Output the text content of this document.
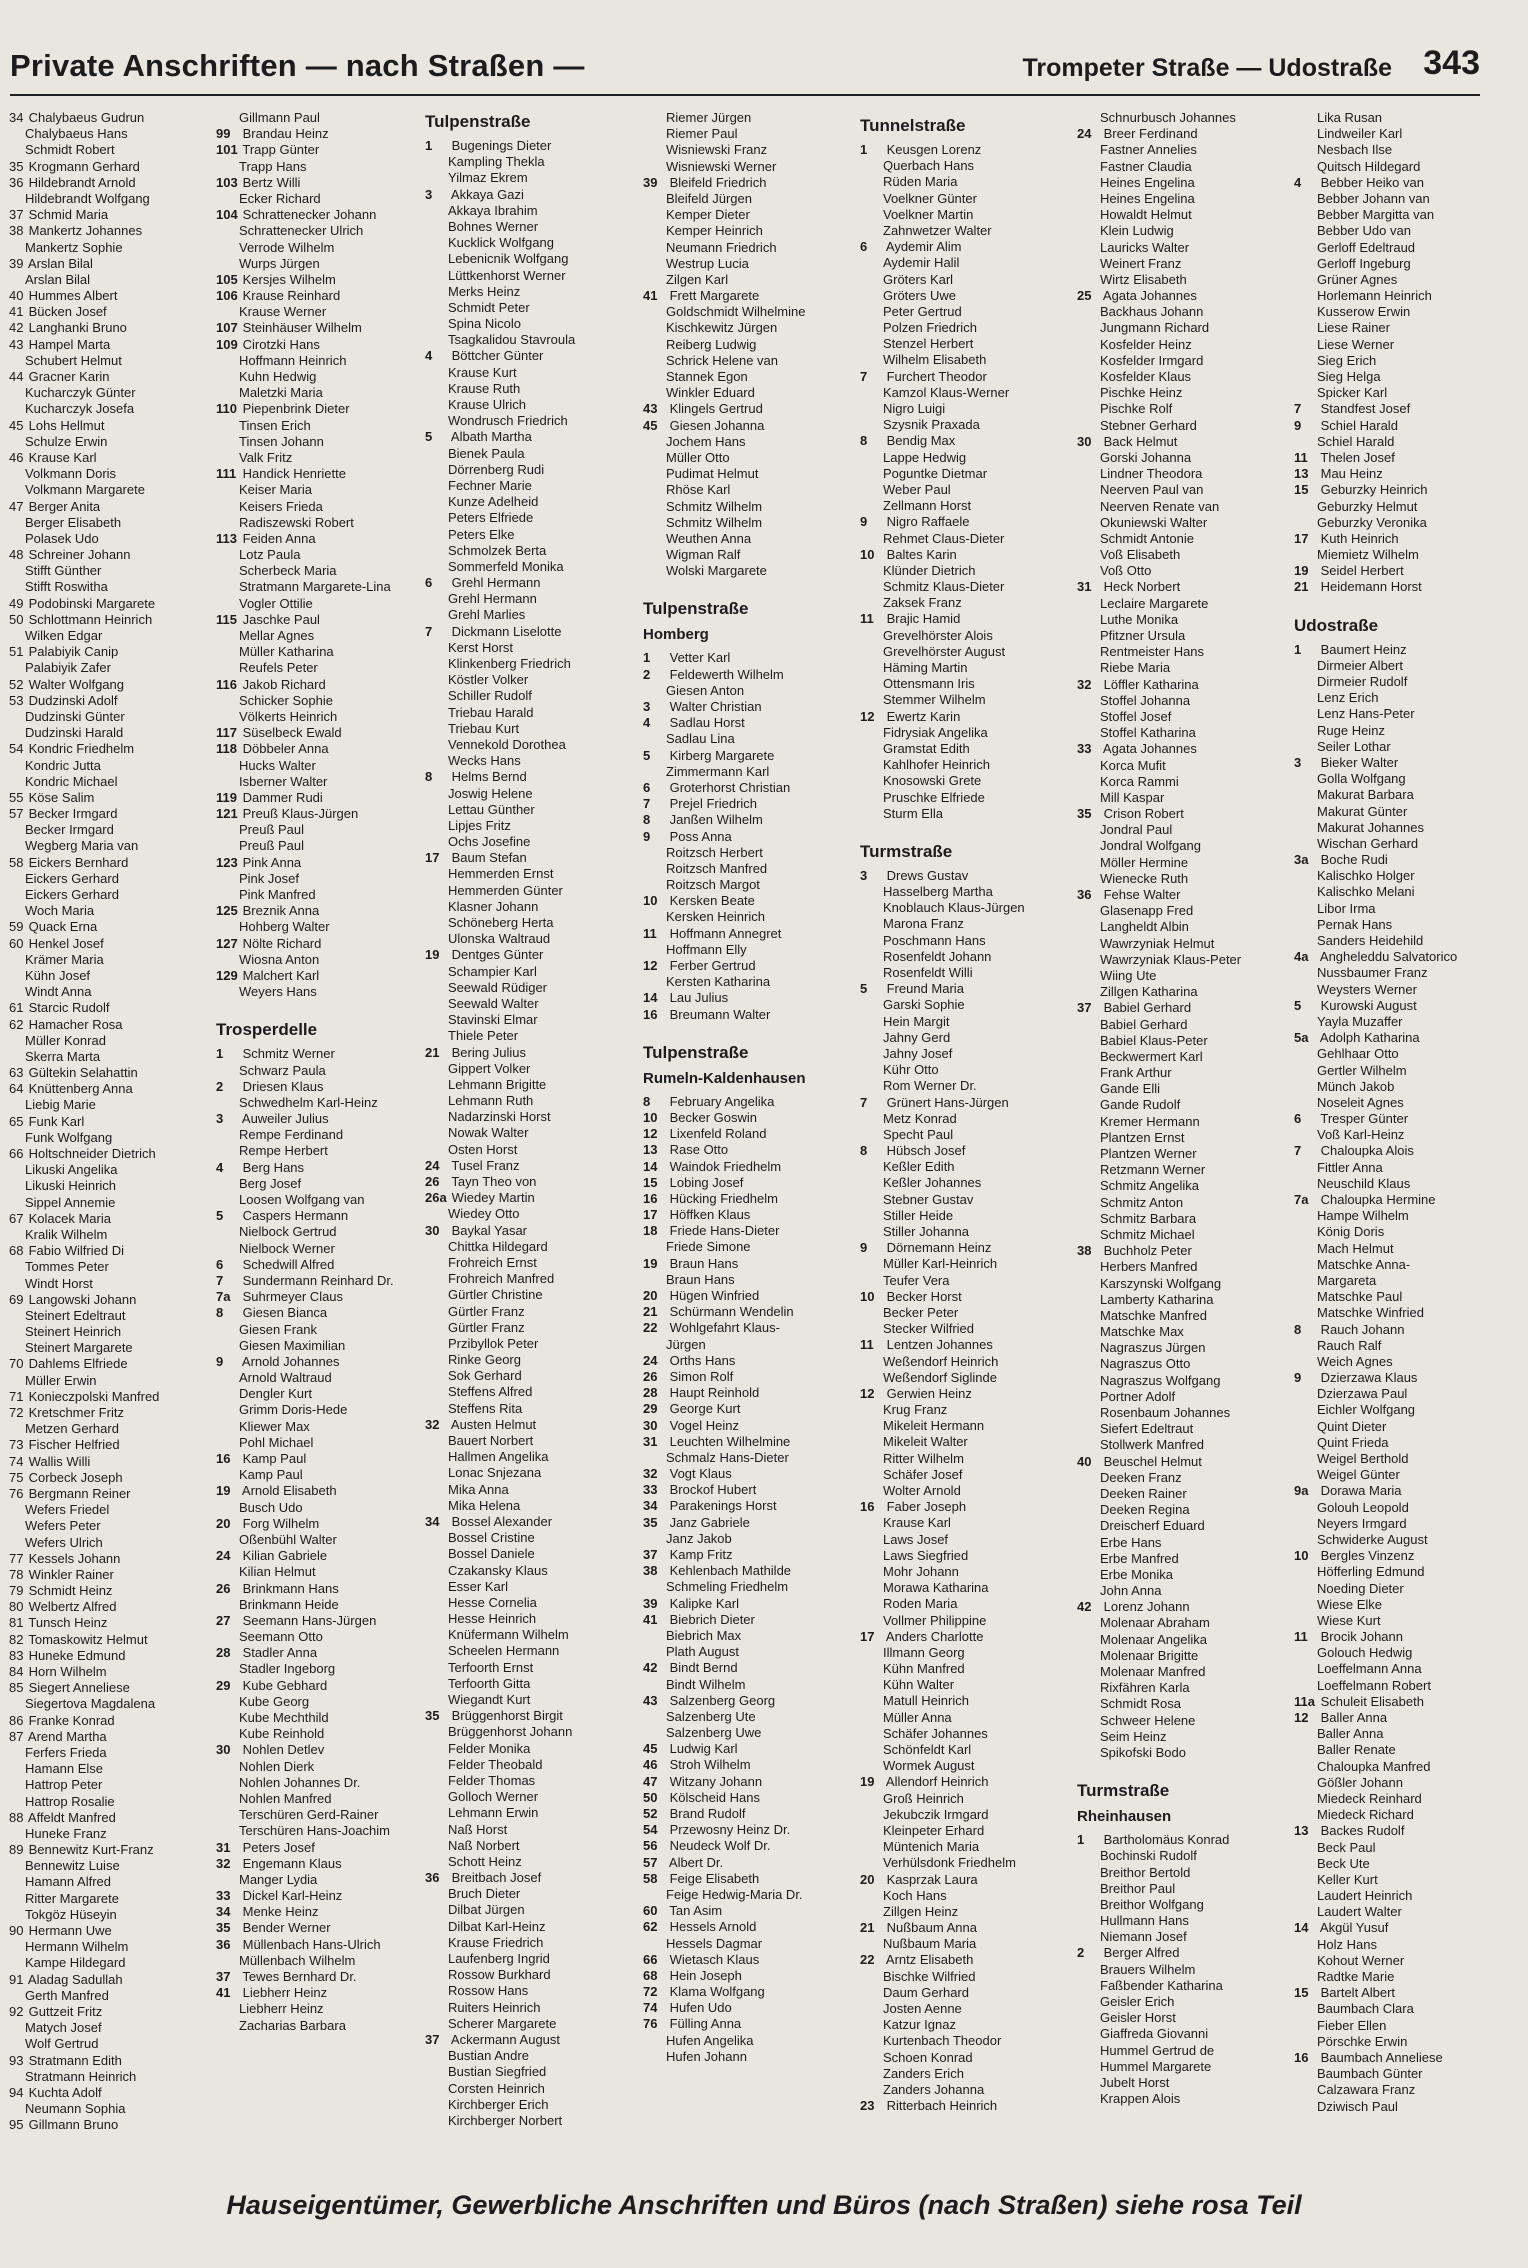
Private Anschriften — nach Straßen —	Trompeter Straße — Udostraße 343
34 Chalybaeus Gudrun
Chalybaeus Hans
Schmidt Robert
35 Krogmann Gerhard
36 Hildebrandt Arnold
Hildebrandt Wolfgang
37 Schmid Maria
38 Mankertz Johannes
Mankertz Sophie
39 Arslan Bilal
Arslan Bilal
40 Hummes Albert
41 Bücken Josef
42 Langhanki Bruno
43 Hampel Marta
Schubert Helmut
44 Gracner Karin
Kucharczyk Günter
Kucharczyk Josefa
45 Lohs Hellmut
Schulze Erwin
46 Krause Karl
Volkmann Doris
Volkmann Margarete
47 Berger Anita
Berger Elisabeth
Polasek Udo
48 Schreiner Johann
Stifft Günther
Stifft Roswitha
49 Podobinski Margarete
50 Schlottmann Heinrich
Wilken Edgar
51 Palabiyik Canip
Palabiyik Zafer
52 Walter Wolfgang
53 Dudzinski Adolf
Dudzinski Günter
Dudzinski Harald
54 Kondric Friedhelm
Kondric Jutta
Kondric Michael
55 Köse Salim
57 Becker Irmgard
Becker Irmgard
Wegberg Maria van
58 Eickers Bernhard
Eickers Gerhard
Eickers Gerhard
Woch Maria
59 Quack Erna
60 Henkel Josef
Krämer Maria
Kühn Josef
Windt Anna
61 Starcic Rudolf
62 Hamacher Rosa
Müller Konrad
Skerra Marta
63 Gültekin Selahattin
64 Knüttenberg Anna
Liebig Marie
65 Funk Karl
Funk Wolfgang
66 Holtschneider Dietrich
Likuski Angelika
Likuski Heinrich
Sippel Annemie
67 Kolacek Maria
Kralik Wilhelm
68 Fabio Wilfried Di
Tommes Peter
Windt Horst
69 Langowski Johann
Steinert Edeltraut
Steinert Heinrich
Steinert Margarete
70 Dahlems Elfriede
Müller Erwin
71 Konieczpolski Manfred
72 Kretschmer Fritz
Metzen Gerhard
73 Fischer Helfried
74 Wallis Willi
75 Corbeck Joseph
76 Bergmann Reiner
Wefers Friedel
Wefers Peter
Wefers Ulrich
77 Kessels Johann
78 Winkler Rainer
79 Schmidt Heinz
80 Welbertz Alfred
81 Tunsch Heinz
82 Tomaskowitz Helmut
83 Huneke Edmund
84 Horn Wilhelm
85 Siegert Anneliese
Siegertova Magdalena
86 Franke Konrad
87 Arend Martha
Ferfers Frieda
Hamann Else
Hattrop Peter
Hattrop Rosalie
88 Affeldt Manfred
Huneke Franz
89 Bennewitz Kurt-Franz
Bennewitz Luise
Hamann Alfred
Ritter Margarete
Tokgöz Hüseyin
90 Hermann Uwe
Hermann Wilhelm
Kampe Hildegard
91 Aladag Sadullah
Gerth Manfred
92 Guttzeit Fritz
Matych Josef
Wolf Gertrud
93 Stratmann Edith
Stratmann Heinrich
94 Kuchta Adolf
Neumann Sophia
95 Gillmann Bruno
Gillmann Paul
99 Brandau Heinz
101 Trapp Günter
Trapp Hans
103 Bertz Willi
Ecker Richard
104 Schrattenecker Johann
Schrattenecker Ulrich
Verrode Wilhelm
Wurps Jürgen
105 Kersjes Wilhelm
106 Krause Reinhard
Krause Werner
107 Steinhäuser Wilhelm
109 Cirotzki Hans
Hoffmann Heinrich
Kuhn Hedwig
Maletzki Maria
110 Piepenbrink Dieter
Tinsen Erich
Tinsen Johann
Valk Fritz
111 Handick Henriette
Keiser Maria
Keisers Frieda
Radiszewski Robert
113 Feiden Anna
Lotz Paula
Scherbeck Maria
Stratmann Margarete-Lina
Vogler Ottilie
115 Jaschke Paul
Mellar Agnes
Müller Katharina
Reufels Peter
116 Jakob Richard
Schicker Sophie
Völkerts Heinrich
117 Süselbeck Ewald
118 Döbbeler Anna
Hucks Walter
Isberner Walter
119 Dammer Rudi
121 Preuß Klaus-Jürgen
Preuß Paul
Preuß Paul
123 Pink Anna
Pink Josef
Pink Manfred
125 Breznik Anna
Hohberg Walter
127 Nölte Richard
Wiosna Anton
129 Malchert Karl
Weyers Hans
Trosperdelle
1 Schmitz Werner
Schwarz Paula
2 Driesen Klaus
Schwedhelm Karl-Heinz
3 Auweiler Julius
Rempe Ferdinand
Rempe Herbert
4 Berg Hans
Berg Josef
Loosen Wolfgang van
5 Caspers Hermann
Nielbock Gertrud
Nielbock Werner
6 Schedwill Alfred
7 Sundermann Reinhard Dr.
7a Suhrmeyer Claus
8 Giesen Bianca
Giesen Frank
Giesen Maximilian
9 Arnold Johannes
Arnold Waltraud
Dengler Kurt
Grimm Doris-Hede
Kliewer Max
Pohl Michael
16 Kamp Paul
Kamp Paul
19 Arnold Elisabeth
Busch Udo
20 Forg Wilhelm
Oßenbühl Walter
24 Kilian Gabriele
Kilian Helmut
26 Brinkmann Hans
Brinkmann Heide
27 Seemann Hans-Jürgen
Seemann Otto
28 Stadler Anna
Stadler Ingeborg
29 Kube Gebhard
Kube Georg
Kube Mechthild
Kube Reinhold
30 Nohlen Detlev
Nohlen Dierk
Nohlen Johannes Dr.
Nohlen Manfred
Terschüren Gerd-Rainer
Terschüren Hans-Joachim
31 Peters Josef
32 Engemann Klaus
Manger Lydia
33 Dickel Karl-Heinz
34 Menke Heinz
35 Bender Werner
36 Müllenbach Hans-Ulrich
Müllenbach Wilhelm
37 Tewes Bernhard Dr.
41 Liebherr Heinz
Liebherr Heinz
Zacharias Barbara
Tulpenstraße
1 Bugenings Dieter
Kampling Thekla
Yilmaz Ekrem
3 Akkaya Gazi
Akkaya Ibrahim
Bohnes Werner
Kucklick Wolfgang
Lebenicnik Wolfgang
Lüttkenhorst Werner
Merks Heinz
Schmidt Peter
Spina Nicolo
Tsagkalidou Stavroula
4 Böttcher Günter
Krause Kurt
Krause Ruth
Krause Ulrich
Wondrusch Friedrich
5 Albath Martha
Bienek Paula
Dörrenberg Rudi
Fechner Marie
Kunze Adelheid
Peters Elfriede
Peters Elke
Schmolzek Berta
Sommerfeld Monika
6 Grehl Hermann
Grehl Hermann
Grehl Marlies
7 Dickmann Liselotte
Kerst Horst
Klinkenberg Friedrich
Köstler Volker
Schiller Rudolf
Triebau Harald
Triebau Kurt
Vennekold Dorothea
Wecks Hans
8 Helms Bernd
Joswig Helene
Lettau Günther
Lipjes Fritz
Ochs Josefine
17 Baum Stefan
Hemmerden Ernst
Hemmerden Günter
Klasner Johann
Schöneberg Herta
Ulonska Waltraud
19 Dentges Günter
Schampier Karl
Seewald Rüdiger
Seewald Walter
Stavinski Elmar
Thiele Peter
21 Bering Julius
Gippert Volker
Lehmann Brigitte
Lehmann Ruth
Nadarzinski Horst
Nowak Walter
Osten Horst
24 Tusel Franz
26 Tayn Theo von
26a Wiedey Martin
Wiedey Otto
30 Baykal Yasar
Chittka Hildegard
Frohreich Ernst
Frohreich Manfred
Gürtler Christine
Gürtler Franz
Gürtler Franz
Przibyllok Peter
Rinke Georg
Sok Gerhard
Steffens Alfred
Steffens Rita
32 Austen Helmut
Bauert Norbert
Hallmen Angelika
Lonac Snjezana
Mika Anna
Mika Helena
34 Bossel Alexander
Bossel Cristine
Bossel Daniele
Czakansky Klaus
Esser Karl
Hesse Cornelia
Hesse Heinrich
Knüfermann Wilhelm
Scheelen Hermann
Terfoorth Ernst
Terfoorth Gitta
Wiegandt Kurt
35 Brüggenhorst Birgit
Brüggenhorst Johann
Felder Monika
Felder Theobald
Felder Thomas
Golloch Werner
Lehmann Erwin
Naß Horst
Naß Norbert
Schott Heinz
36 Breitbach Josef
Bruch Dieter
Dilbat Jürgen
Dilbat Karl-Heinz
Krause Friedrich
Laufenberg Ingrid
Rossow Burkhard
Rossow Hans
Ruiters Heinrich
Scherer Margarete
37 Ackermann August
Bustian Andre
Bustian Siegfried
Corsten Heinrich
Kirchberger Erich
Kirchberger Norbert
Riemer Jürgen
Riemer Paul
Wisniewski Franz
Wisniewski Werner
39 Bleifeld Friedrich
Bleifeld Jürgen
Kemper Dieter
Kemper Heinrich
Neumann Friedrich
Westrup Lucia
Zilgen Karl
41 Frett Margarete
Goldschmidt Wilhelmine
Kischkewitz Jürgen
Reiberg Ludwig
Schrick Helene van
Stannek Egon
Winkler Eduard
43 Klingels Gertrud
45 Giesen Johanna
Jochem Hans
Müller Otto
Pudimat Helmut
Rhöse Karl
Schmitz Wilhelm
Schmitz Wilhelm
Weuthen Anna
Wigman Ralf
Wolski Margarete
Tulpenstraße
Homberg
1 Vetter Karl
2 Feldewerth Wilhelm
Giesen Anton
3 Walter Christian
4 Sadlau Horst
Sadlau Lina
5 Kirberg Margarete
Zimmermann Karl
6 Groterhorst Christian
7 Prejel Friedrich
8 Janßen Wilhelm
9 Poss Anna
Roitzsch Herbert
Roitzsch Manfred
Roitzsch Margot
10 Kersken Beate
Kersken Heinrich
11 Hoffmann Annegret
Hoffmann Elly
12 Ferber Gertrud
Kersten Katharina
14 Lau Julius
16 Breumann Walter
Tulpenstraße
Rumeln-Kaldenhausen
8 February Angelika
10 Becker Goswin
12 Lixenfeld Roland
13 Rase Otto
14 Waindok Friedhelm
15 Lobing Josef
16 Hücking Friedhelm
17 Höffken Klaus
18 Friede Hans-Dieter
Friede Simone
19 Braun Hans
Braun Hans
20 Hügen Winfried
21 Schürmann Wendelin
22 Wohlgefahrt Klaus-
Jürgen
24 Orths Hans
26 Simon Rolf
28 Haupt Reinhold
29 George Kurt
30 Vogel Heinz
31 Leuchten Wilhelmine
Schmalz Hans-Dieter
32 Vogt Klaus
33 Brockof Hubert
34 Parakenings Horst
35 Janz Gabriele
Janz Jakob
37 Kamp Fritz
38 Kehlenbach Mathilde
Schmeling Friedhelm
39 Kalipke Karl
41 Biebrich Dieter
Biebrich Max
Plath August
42 Bindt Bernd
Bindt Wilhelm
43 Salzenberg Georg
Salzenberg Ute
Salzenberg Uwe
45 Ludwig Karl
46 Stroh Wilhelm
47 Witzany Johann
50 Kölscheid Hans
52 Brand Rudolf
54 Przewosny Heinz Dr.
56 Neudeck Wolf Dr.
57 Albert Dr.
58 Feige Elisabeth
Feige Hedwig-Maria Dr.
60 Tan Asim
62 Hessels Arnold
Hessels Dagmar
66 Wietasch Klaus
68 Hein Joseph
72 Klama Wolfgang
74 Hufen Udo
76 Fülling Anna
Hufen Angelika
Hufen Johann
Tunnelstraße
1 Keusgen Lorenz
Querbach Hans
Rüden Maria
Voelkner Günter
Voelkner Martin
Zahnwetzer Walter
6 Aydemir Alim
Aydemir Halil
Gröters Karl
Gröters Uwe
Peter Gertrud
Polzen Friedrich
Stenzel Herbert
Wilhelm Elisabeth
7 Furchert Theodor
Kamzol Klaus-Werner
Nigro Luigi
Szysnik Praxada
8 Bendig Max
Lappe Hedwig
Poguntke Dietmar
Weber Paul
Zellmann Horst
9 Nigro Raffaele
Rehmet Claus-Dieter
10 Baltes Karin
Klünder Dietrich
Schmitz Klaus-Dieter
Zaksek Franz
11 Brajic Hamid
Grevelhörster Alois
Grevelhörster August
Häming Martin
Ottensmann Iris
Stemmer Wilhelm
12 Ewertz Karin
Fidrysiak Angelika
Gramstat Edith
Kahlhofer Heinrich
Knosowski Grete
Pruschke Elfriede
Sturm Ella
Turmstraße
3 Drews Gustav
Hasselberg Martha
Knoblauch Klaus-Jürgen
Marona Franz
Poschmann Hans
Rosenfeldt Johann
Rosenfeldt Willi
5 Freund Maria
Garski Sophie
Hein Margit
Jahny Gerd
Jahny Josef
Kühr Otto
Rom Werner Dr.
7 Grünert Hans-Jürgen
Metz Konrad
Specht Paul
8 Hübsch Josef
Keßler Edith
Keßler Johannes
Stebner Gustav
Stiller Heide
Stiller Johanna
9 Dörnemann Heinz
Müller Karl-Heinrich
Teufer Vera
10 Becker Horst
Becker Peter
Stecker Wilfried
11 Lentzen Johannes
Weßendorf Heinrich
Weßendorf Siglinde
12 Gerwien Heinz
Krug Franz
Mikeleit Hermann
Mikeleit Walter
Ritter Wilhelm
Schäfer Josef
Wolter Arnold
16 Faber Joseph
Krause Karl
Laws Josef
Laws Siegfried
Mohr Johann
Morawa Katharina
Roden Maria
Vollmer Philippine
17 Anders Charlotte
Illmann Georg
Kühn Manfred
Kühn Walter
Matull Heinrich
Müller Anna
Schäfer Johannes
Schönfeldt Karl
Wormek August
19 Allendorf Heinrich
Groß Heinrich
Jekubczik Irmgard
Kleinpeter Erhard
Müntenich Maria
Verhülsdonk Friedhelm
20 Kasprzak Laura
Koch Hans
Zillgen Heinz
21 Nußbaum Anna
Nußbaum Maria
22 Arntz Elisabeth
Bischke Wilfried
Daum Gerhard
Josten Aenne
Katzur Ignaz
Kurtenbach Theodor
Schoen Konrad
Zanders Erich
Zanders Johanna
23 Ritterbach Heinrich
Schnurbusch Johannes
24 Breer Ferdinand
Fastner Annelies
Fastner Claudia
Heines Engelina
Heines Engelina
Howaldt Helmut
Klein Ludwig
Lauricks Walter
Weinert Franz
Wirtz Elisabeth
25 Agata Johannes
Backhaus Johann
Jungmann Richard
Kosfelder Heinz
Kosfelder Irmgard
Kosfelder Klaus
Pischke Heinz
Pischke Rolf
Stebner Gerhard
30 Back Helmut
Gorski Johanna
Lindner Theodora
Neerven Paul van
Neerven Renate van
Okuniewski Walter
Schmidt Antonie
Voß Elisabeth
Voß Otto
31 Heck Norbert
Leclaire Margarete
Luthe Monika
Pfitzner Ursula
Rentmeister Hans
Riebe Maria
32 Löffler Katharina
Stoffel Johanna
Stoffel Josef
Stoffel Katharina
33 Agata Johannes
Korca Mufit
Korca Rammi
Mill Kaspar
35 Crison Robert
Jondral Paul
Jondral Wolfgang
Möller Hermine
Wienecke Ruth
36 Fehse Walter
Glasenapp Fred
Langheldt Albin
Wawrzyniak Helmut
Wawrzyniak Klaus-Peter
Wiing Ute
Zillgen Katharina
37 Babiel Gerhard
Babiel Gerhard
Babiel Klaus-Peter
Beckwermert Karl
Frank Arthur
Gande Elli
Gande Rudolf
Kremer Hermann
Plantzen Ernst
Plantzen Werner
Retzmann Werner
Schmitz Angelika
Schmitz Anton
Schmitz Barbara
Schmitz Michael
38 Buchholz Peter
Herbers Manfred
Karszynski Wolfgang
Lamberty Katharina
Matschke Manfred
Matschke Max
Nagraszus Jürgen
Nagraszus Otto
Nagraszus Wolfgang
Portner Adolf
Rosenbaum Johannes
Siefert Edeltraut
Stollwerk Manfred
40 Beuschel Helmut
Deeken Franz
Deeken Rainer
Deeken Regina
Dreischerf Eduard
Erbe Hans
Erbe Manfred
Erbe Monika
John Anna
42 Lorenz Johann
Molenaar Abraham
Molenaar Angelika
Molenaar Brigitte
Molenaar Manfred
Rixfähren Karla
Schmidt Rosa
Schweer Helene
Seim Heinz
Spikofski Bodo
Turmstraße
Rheinhausen
1 Bartholomäus Konrad
Bochinski Rudolf
Breithor Bertold
Breithor Paul
Breithor Wolfgang
Hullmann Hans
Niemann Josef
2 Berger Alfred
Brauers Wilhelm
Faßbender Katharina
Geisler Erich
Geisler Horst
Giaffreda Giovanni
Hummel Gertrud de
Hummel Margarete
Jubelt Horst
Krappen Alois
Lika Rusan
Lindweiler Karl
Nesbach Ilse
Quitsch Hildegard
4 Bebber Heiko van
Bebber Johann van
Bebber Margitta van
Bebber Udo van
Gerloff Edeltraud
Gerloff Ingeburg
Grüner Agnes
Horlemann Heinrich
Kusserow Erwin
Liese Rainer
Liese Werner
Sieg Erich
Sieg Helga
Spicker Karl
7 Standfest Josef
9 Schiel Harald
Schiel Harald
11 Thelen Josef
13 Mau Heinz
15 Geburzky Heinrich
Geburzky Helmut
Geburzky Veronika
17 Kuth Heinrich
Miemietz Wilhelm
19 Seidel Herbert
21 Heidemann Horst
Udostraße
1 Baumert Heinz
Dirmeier Albert
Dirmeier Rudolf
Lenz Erich
Lenz Hans-Peter
Ruge Heinz
Seiler Lothar
3 Bieker Walter
Golla Wolfgang
Makurat Barbara
Makurat Günter
Makurat Johannes
Wischan Gerhard
3a Boche Rudi
Kalischko Holger
Kalischko Melani
Libor Irma
Pernak Hans
Sanders Heidehild
4a Angheleddu Salvatorico
Nussbaumer Franz
Weysters Werner
5 Kurowski August
Yayla Muzaffer
5a Adolph Katharina
Gehlhaar Otto
Gertler Wilhelm
Münch Jakob
Noseleit Agnes
6 Tresper Günter
Voß Karl-Heinz
7 Chaloupka Alois
Fittler Anna
Neuschild Klaus
7a Chaloupka Hermine
Hampe Wilhelm
König Doris
Mach Helmut
Matschke Anna-
Margareta
Matschke Paul
Matschke Winfried
8 Rauch Johann
Rauch Ralf
Weich Agnes
9 Dzierzawa Klaus
Dzierzawa Paul
Eichler Wolfgang
Quint Dieter
Quint Frieda
Weigel Berthold
Weigel Günter
9a Dorawa Maria
Golouh Leopold
Neyers Irmgard
Schwiderke August
10 Bergles Vinzenz
Höfferling Edmund
Noeding Dieter
Wiese Elke
Wiese Kurt
11 Brocik Johann
Golouch Hedwig
Loeffelmann Anna
Loeffelmann Robert
11a Schuleit Elisabeth
12 Baller Anna
Baller Anna
Baller Renate
Chaloupka Manfred
Gößler Johann
Miedeck Reinhard
Miedeck Richard
13 Backes Rudolf
Beck Paul
Beck Ute
Keller Kurt
Laudert Heinrich
Laudert Walter
14 Akgül Yusuf
Holz Hans
Kohout Werner
Radtke Marie
15 Bartelt Albert
Baumbach Clara
Fieber Ellen
Pörschke Erwin
16 Baumbach Anneliese
Baumbach Günter
Calzawara Franz
Dziwisch Paul
Hauseigentümer, Gewerbliche Anschriften und Büros (nach Straßen) siehe rosa Teil
